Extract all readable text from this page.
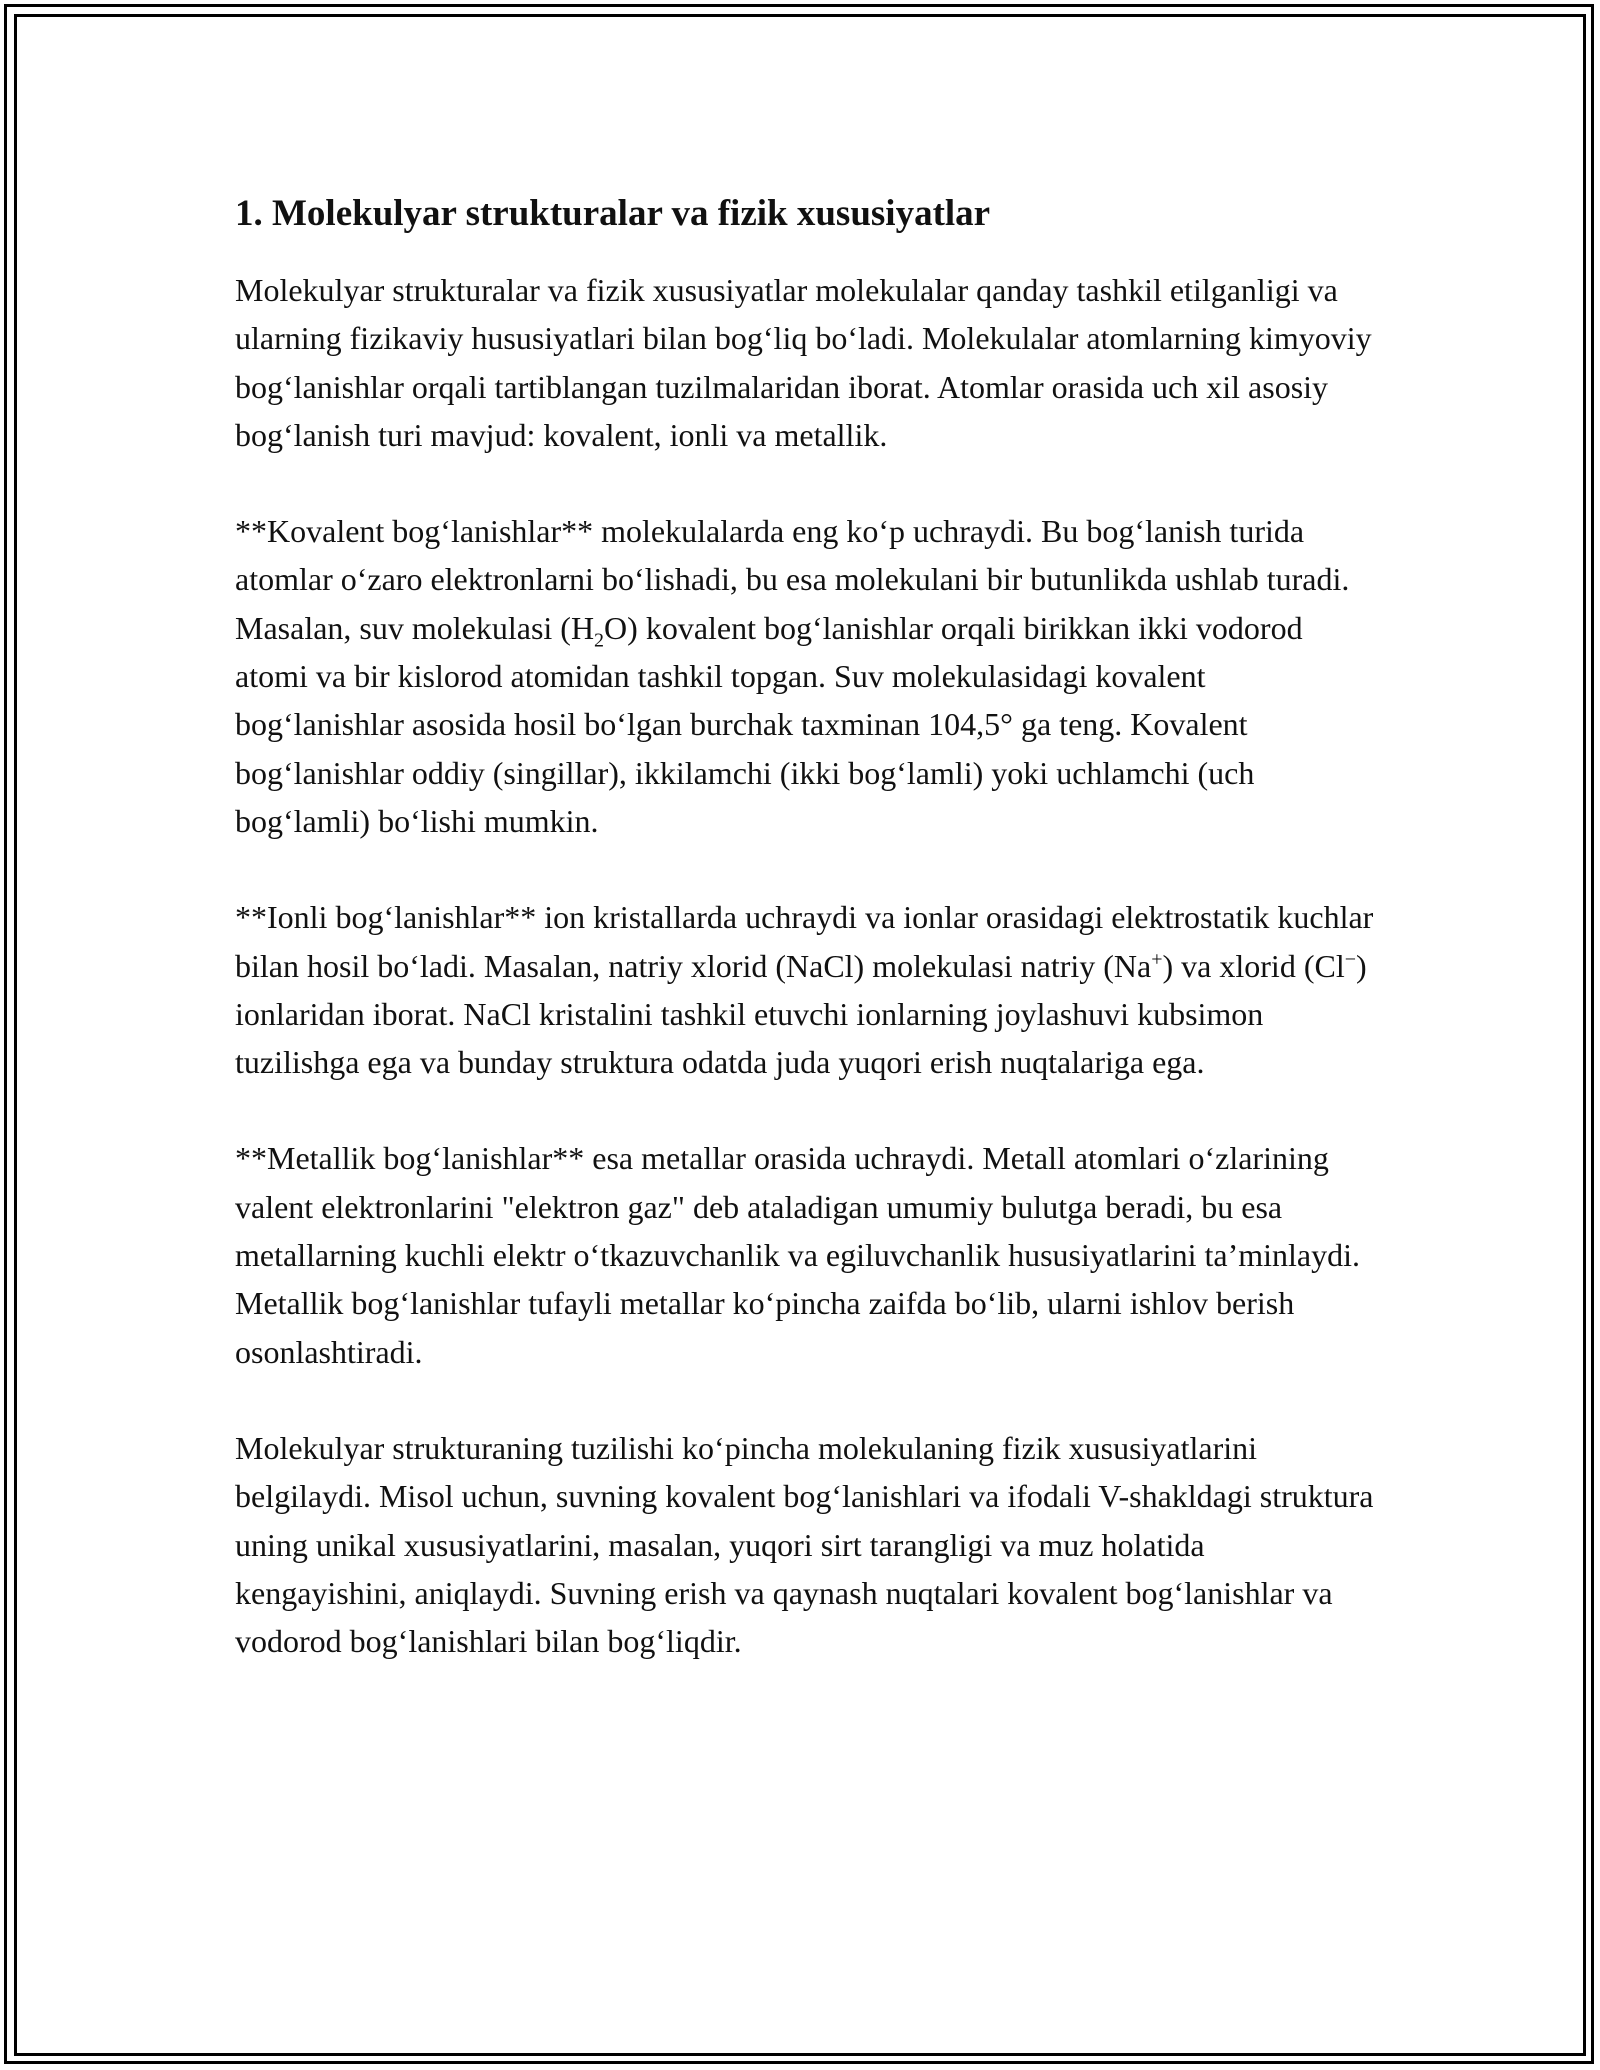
1. Molekulyar strukturalar va fizik xususiyatlar

Molekulyar strukturalar va fizik xususiyatlar molekulalar qanday tashkil etilganligi va ularning fizikaviy hususiyatlari bilan bog‘liq bo‘ladi. Molekulalar atomlarning kimyoviy bog‘lanishlar orqali tartiblangan tuzilmalaridan iborat. Atomlar orasida uch xil asosiy bog‘lanish turi mavjud: kovalent, ionli va metallik.

**Kovalent bog‘lanishlar** molekulalarda eng ko‘p uchraydi. Bu bog‘lanish turida atomlar o‘zaro elektronlarni bo‘lishadi, bu esa molekulani bir butunlikda ushlab turadi. Masalan, suv molekulasi $(H_2O)$ kovalent bog‘lanishlar orqali birikkan ikki vodorod atomi va bir kislorod atomidan tashkil topgan. Suv molekulasidagi kovalent bog‘lanishlar asosida hosil bo‘lgan burchak taxminan 104,5° ga teng. Kovalent bog‘lanishlar oddiy (singillar), ikkilamchi (ikki bog‘lamli) yoki uchlamchi (uch bog‘lamli) bo‘lishi mumkin.

**Ionli bog‘lanishlar** ion kristallarda uchraydi va ionlar orasidagi elektrostatik kuchlar bilan hosil bo‘ladi. Masalan, natriy xlorid (NaCl) molekulasi natriy (Na+) va xlorid (Cl−) ionlaridan iborat. NaCl kristalini tashkil etuvchi ionlarning joylashuvi kubsimon tuzilishga ega va bunday struktura odatda juda yuqori erish nuqtalariga ega.

**Metallik bog‘lanishlar** esa metallar orasida uchraydi. Metall atomlari o‘zlarining valent elektronlarini "elektron gaz" deb ataladigan umumiy bulutga beradi, bu esa metallarning kuchli elektr o‘tkazuvchanlik va egiluvchanlik hususiyatlarini ta’minlaydi. Metallik bog‘lanishlar tufayli metallar ko‘pincha zaifda bo‘lib, ularni ishlov berish osonlashtiradi.

Molekulyar strukturaning tuzilishi ko‘pincha molekulaning fizik xususiyatlarini belgilaydi. Misol uchun, suvning kovalent bog‘lanishlari va ifodali V-shakldagi struktura uning unikal xususiyatlarini, masalan, yuqori sirt tarangligi va muz holatida kengayishini, aniqlaydi. Suvning erish va qaynash nuqtalari kovalent bog‘lanishlar va vodorod bog‘lanishlari bilan bog‘liqdir.
